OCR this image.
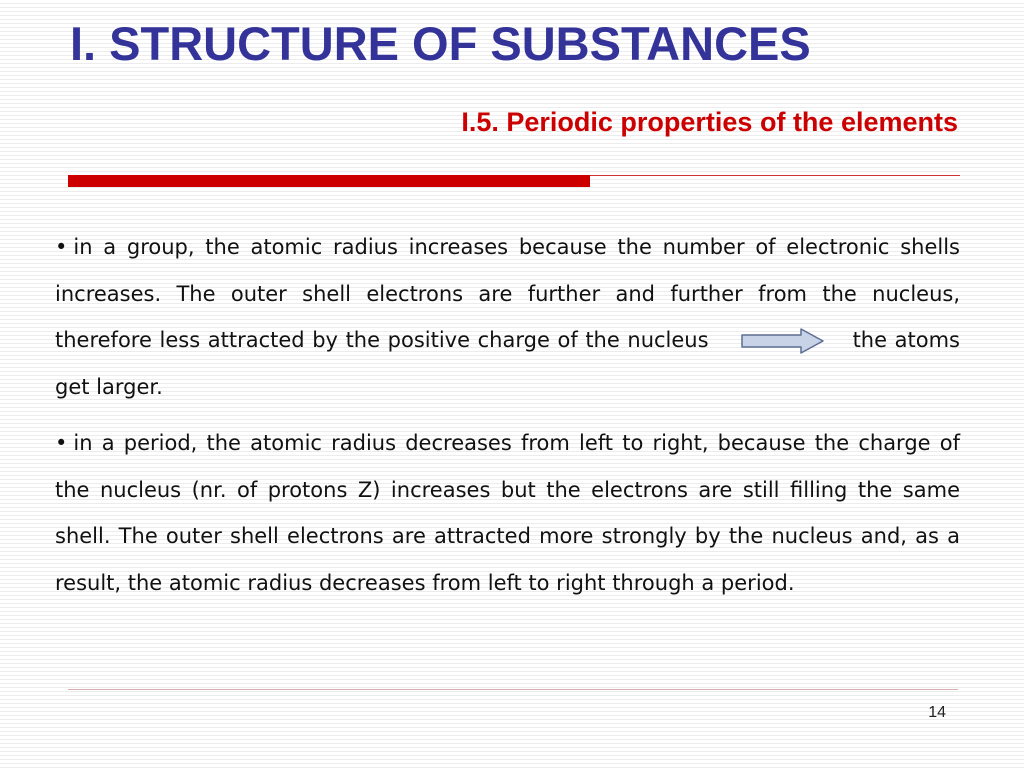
I. STRUCTURE OF SUBSTANCES
I.5. Periodic properties of the elements

• in a group, the atomic radius increases because the number of electronic shells increases. The outer shell electrons are further and further from the nucleus, therefore less attracted by the positive charge of the nucleus	the atoms get larger.

• in a period, the atomic radius decreases from left to right, because the charge of the nucleus (nr. of protons Z) increases but the electrons are still filling the same shell. The outer shell electrons are attracted more strongly by the nucleus and, as a result, the atomic radius decreases from left to right through a period.

14
